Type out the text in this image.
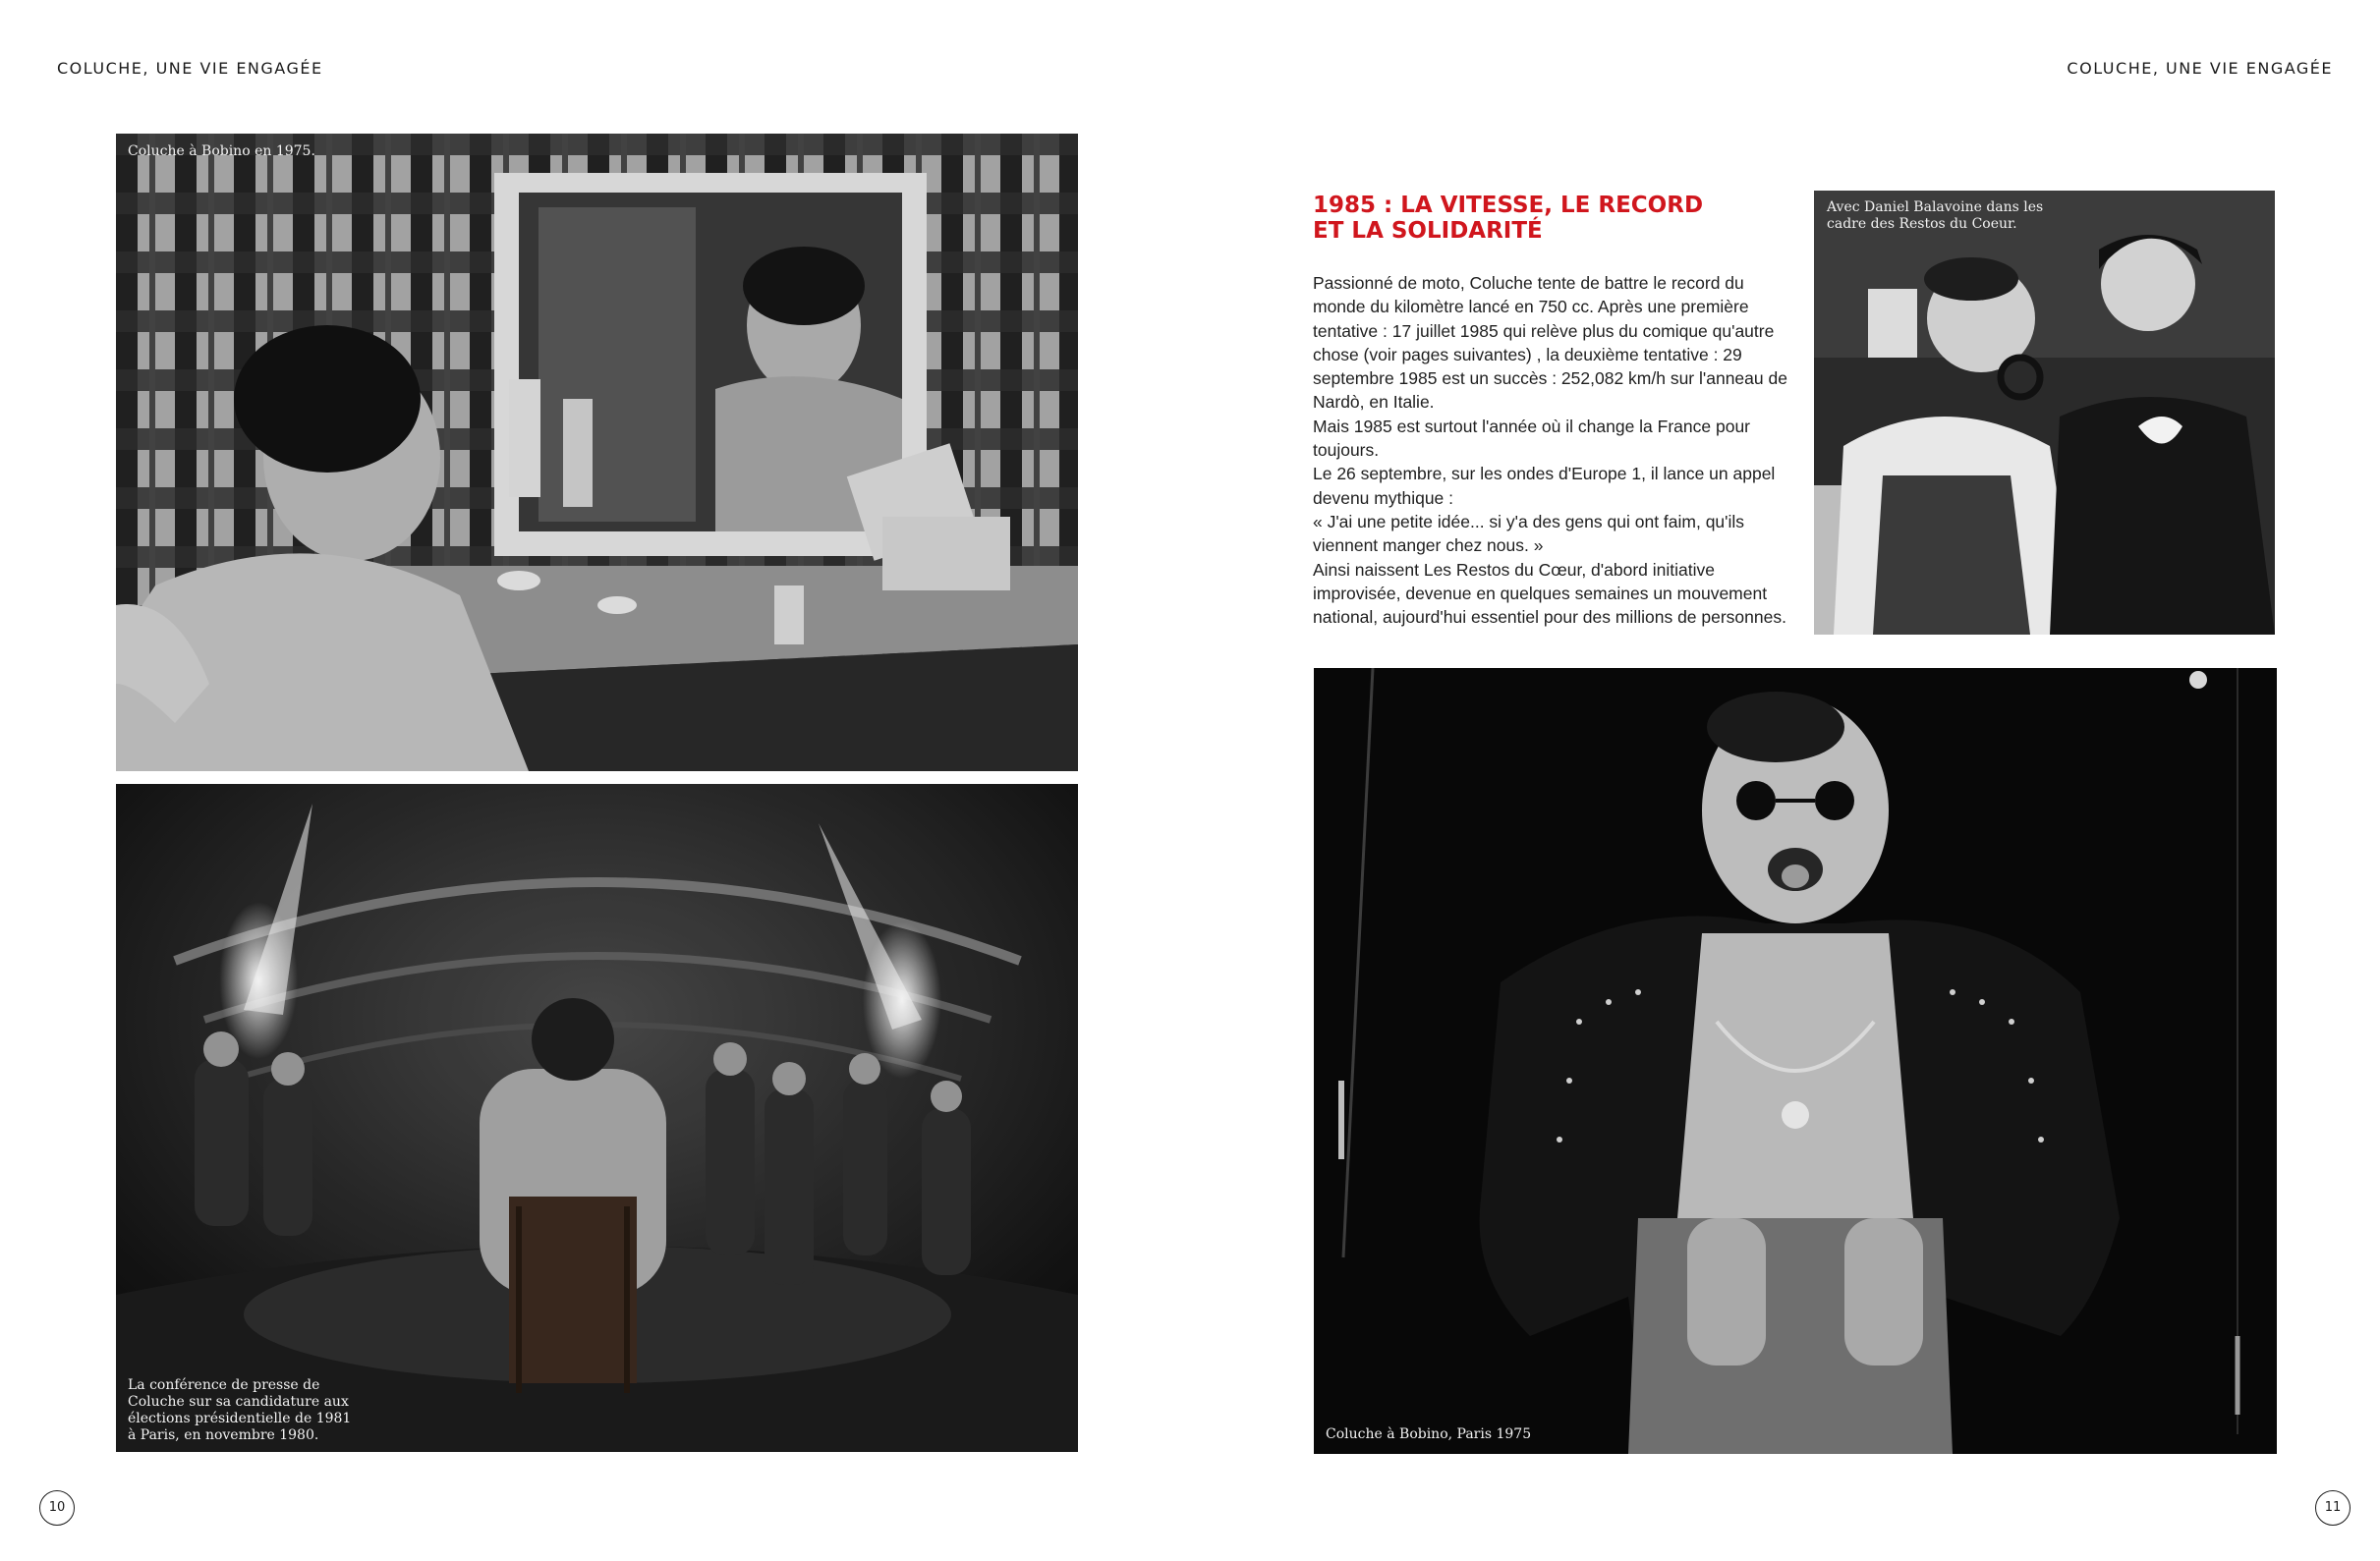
COLUCHE, UNE VIE ENGAGÉE	COLUCHE, UNE VIE ENGAGÉE
Coluche à Bobino en 1975.
La conférence de presse de Coluche sur sa candidature aux élections présidentielle de 1981 à Paris, en novembre 1980.
1985 : LA VITESSE, LE RECORD
ET LA SOLIDARITÉ

Passionné de moto, Coluche tente de battre le record du monde du kilomètre lancé en 750 cc. Après une première tentative : 17 juillet 1985 qui relève plus du comique qu'autre chose (voir pages suivantes) , la deuxième tentative : 29 septembre 1985 est un succès : 252,082 km/h sur l'anneau de Nardò, en Italie.

Mais 1985 est surtout l'année où il change la France pour toujours.

Le 26 septembre, sur les ondes d'Europe 1, il lance un appel devenu mythique :

« J'ai une petite idée... si y'a des gens qui ont faim, qu'ils viennent manger chez nous. »

Ainsi naissent Les Restos du Cœur, d'abord initiative improvisée, devenue en quelques semaines un mouvement national, aujourd'hui essentiel pour des millions de personnes.

Avec Daniel Balavoine dans les cadre des Restos du Coeur.
Coluche à Bobino, Paris 1975
10	11
